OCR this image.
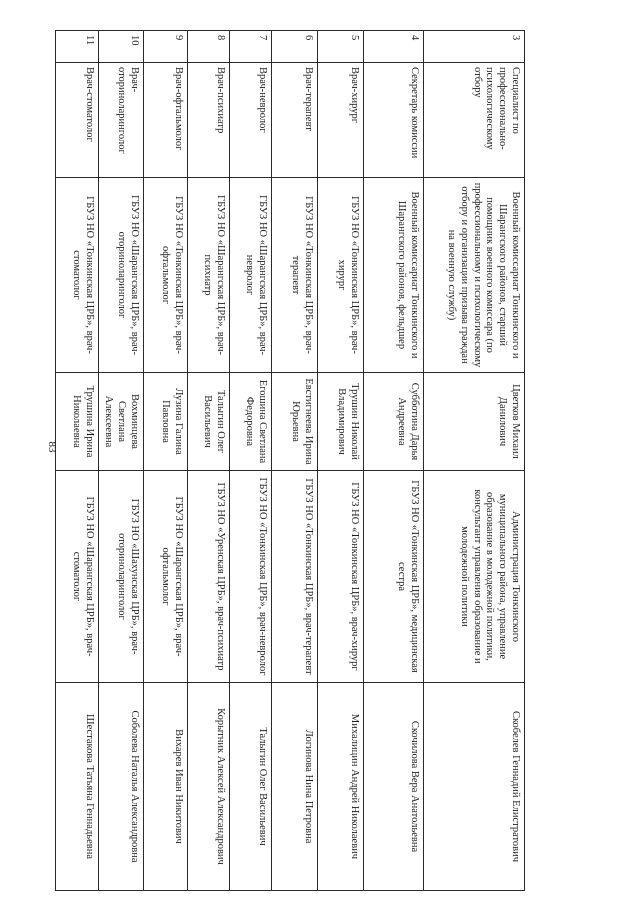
83
3	Специалист по профессионально-психологическому отбору	Военный комиссариат Тонкинского и Шарангского районов, старший помощник военного комиссара (по профессиональному и психологическому отбору и организации призыва граждан на военную службу)	Цветков Михаил Данилович	Администрация Тонкинского муниципального района, управление образование в молодежной политики, консультант управления образование и молодежной политики	Скобелев Геннадий Елистратович
4	Секретарь комиссии	Военный комиссариат Тонкинского и Шарангского районов, фельдшер	Субботина Дарья Андреевна	ГБУЗ НО «Тонкинская ЦРБ», медицинская сестра	Скочилова Вера Анатольевна
5	Врач-хирург	ГБУЗ НО «Тонкинская ЦРБ», врач-хирург	Трушин Николай Владимирович	ГБУЗ НО «Тонкинская ЦРБ», врач-хирург	Михалицин Андрей Николаевич
6	Врач-терапевт	ГБУЗ НО «Тонкинская ЦРБ», врач-терапевт	Евстигнеева Ирина Юрьевна	ГБУЗ НО «Тонкинская ЦРБ», врач-терапевт	Логинова Нина Петровна
7	Врач-невролог	ГБУЗ НО «Шарангская ЦРБ», врач-невролог	Егошина Светлана Федоровна	ГБУЗ НО «Тонкинская ЦРБ», врач-невролог	Талыгин Олег Васильевич
8	Врач-психиатр	ГБУЗ НО «Шарангская ЦРБ», врач-психиатр	Талыгин Олег Васильевич	ГБУЗ НО «Уренская ЦРБ», врач-психиатр	Корытник Алексей Александрович
9	Врач-офтальмолог	ГБУЗ НО «Тонкинская ЦРБ», врач-офтальмолог	Лузина Галина Павловна	ГБУЗ НО «Шарангская ЦРБ», врач-офтальмолог	Вихарев Иван Никитович
10	Врач-оториноларинголог	ГБУЗ НО «Шарангская ЦРБ», врач-оториноларинголог	Вохминцева Светлана Алексеевна	ГБУЗ НО «Шахунская ЦРБ», врач-оториноларинголог	Соболева Наталья Александровна
11	Врач-стоматолог	ГБУЗ НО «Тонкинская ЦРБ», врач-стоматолог	Трушина Ирина Николаевна	ГБУЗ НО «Шарангская ЦРБ», врач-стоматолог	Шестакова Татьяна Геннадьевна
